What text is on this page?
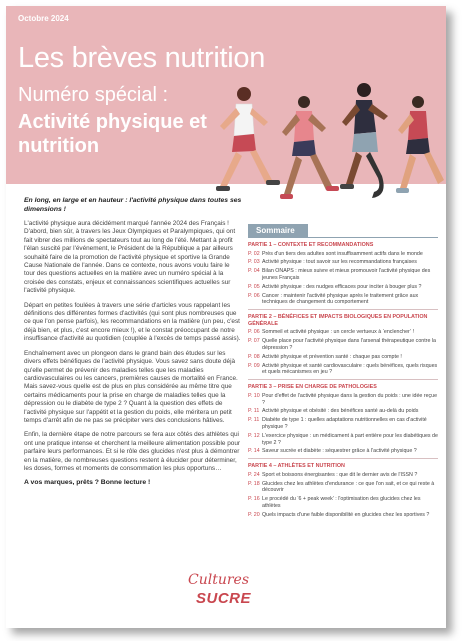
Octobre 2024
Les brèves nutrition
Numéro spécial :
Activité physique et nutrition

En long, en large et en hauteur : l'activité physique dans toutes ses dimensions !

L'activité physique aura décidément marqué l'année 2024 des Français ! D'abord, bien sûr, à travers les Jeux Olympiques et Paralympiques, qui ont fait vibrer des millions de spectateurs tout au long de l'été. Mettant à profit l'élan suscité par l'événement, le Président de la République a par ailleurs souhaité faire de la promotion de l'activité physique et sportive la Grande Cause Nationale de l'année. Dans ce contexte, nous avons voulu faire le tour des questions actuelles en la matière avec un numéro spécial à la croisée des constats, enjeux et connaissances scientifiques actuelles sur l'activité physique.

Départ en petites foulées à travers une série d'articles vous rappelant les définitions des différentes formes d'activités (qui sont plus nombreuses que ce que l'on pense parfois), les recommandations en la matière (un peu, c'est déjà bien, et plus, c'est encore mieux !), et le constat préoccupant de notre insuffisance d'activité au quotidien (couplée à l'excès de temps passé assis).

Enchaînement avec un plongeon dans le grand bain des études sur les divers effets bénéfiques de l'activité physique. Vous savez sans doute déjà qu'elle permet de prévenir des maladies telles que les maladies cardiovasculaires ou les cancers, premières causes de mortalité en France. Mais savez-vous quelle est de plus en plus considérée au même titre que certains médicaments pour la prise en charge de maladies telles que la dépression ou le diabète de type 2 ? Quant à la question des effets de l'activité physique sur l'appétit et la gestion du poids, elle méritera un petit temps d'arrêt afin de ne pas se précipiter vers des conclusions hâtives.

Enfin, la dernière étape de notre parcours se fera aux côtés des athlètes qui ont une pratique intense et cherchent la meilleure alimentation possible pour parfaire leurs performances. Et si le rôle des glucides n'est plus à démontrer en la matière, de nombreuses questions restent à élucider pour déterminer, les doses, formes et moments de consommation les plus opportuns…

A vos marques, prêts ? Bonne lecture !

Sommaire
PARTIE 1 – CONTEXTE ET RECOMMANDATIONS
P. 02 Près d'un tiers des adultes sont insuffisamment actifs dans le monde
P. 03 Activité physique : tout savoir sur les recommandations françaises
P. 04 Bilan ONAPS : mieux suivre et mieux promouvoir l'activité physique des jeunes Français
P. 05 Activité physique : des nudges efficaces pour inciter à bouger plus ?
P. 06 Cancer : maintenir l'activité physique après le traitement grâce aux techniques de changement du comportement
PARTIE 2 – BÉNÉFICES ET IMPACTS BIOLOGIQUES EN POPULATION GÉNÉRALE
P. 06 Sommeil et activité physique : un cercle vertueux à ‘enclencher’ !
P. 07 Quelle place pour l'activité physique dans l'arsenal thérapeutique contre la dépression ?
P. 08 Activité physique et prévention santé : chaque pas compte !
P. 09 Activité physique et santé cardiovasculaire : quels bénéfices, quels risques et quels mécanismes en jeu ?
PARTIE 3 – PRISE EN CHARGE DE PATHOLOGIES
P. 10 Pour d'effet de l'activité physique dans la gestion du poids : une idée reçue ?
P. 11 Activité physique et obésité : des bénéfices santé au-delà du poids
P. 11 Diabète de type 1 : quelles adaptations nutritionnelles en cas d'activité physique ?
P. 12 L'exercice physique : un médicament à part entière pour les diabétiques de type 2 ?
P. 14 Saveur sucrée et diabète : séquestrer grâce à l'activité physique ?
PARTIE 4 – ATHLÈTES ET NUTRITION
P. 24 Sport et boissons énergisantes : que dit le dernier avis de l'ISSN ?
P. 18 Glucides chez les athlètes d'endurance : ce que l'on sait, et ce qui reste à découvrir
P. 16 Le procédé du ‘6 + peak week’ : l'optimisation des glucides chez les athlètes
P. 20 Quels impacts d'une faible disponibilité en glucides chez les sportives ?
Cultures
SUCRE
